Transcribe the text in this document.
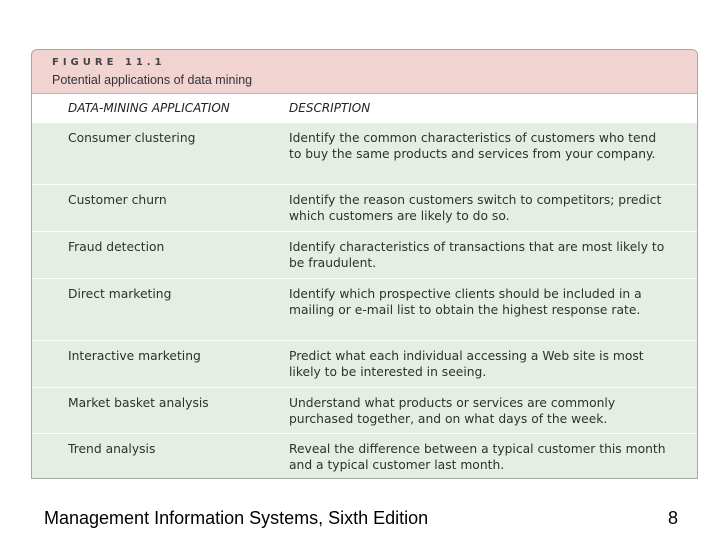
FIGURE 11.1
Potential applications of data mining
DATA-MINING APPLICATION	DESCRIPTION
Consumer clustering	Identify the common characteristics of customers who tend to buy the same products and services from your company.
Customer churn	Identify the reason customers switch to competitors; predict which customers are likely to do so.
Fraud detection	Identify characteristics of transactions that are most likely to be fraudulent.
Direct marketing	Identify which prospective clients should be included in a mailing or e-mail list to obtain the highest response rate.
Interactive marketing	Predict what each individual accessing a Web site is most likely to be interested in seeing.
Market basket analysis	Understand what products or services are commonly purchased together, and on what days of the week.
Trend analysis	Reveal the difference between a typical customer this month and a typical customer last month.
Management Information Systems, Sixth Edition	8
